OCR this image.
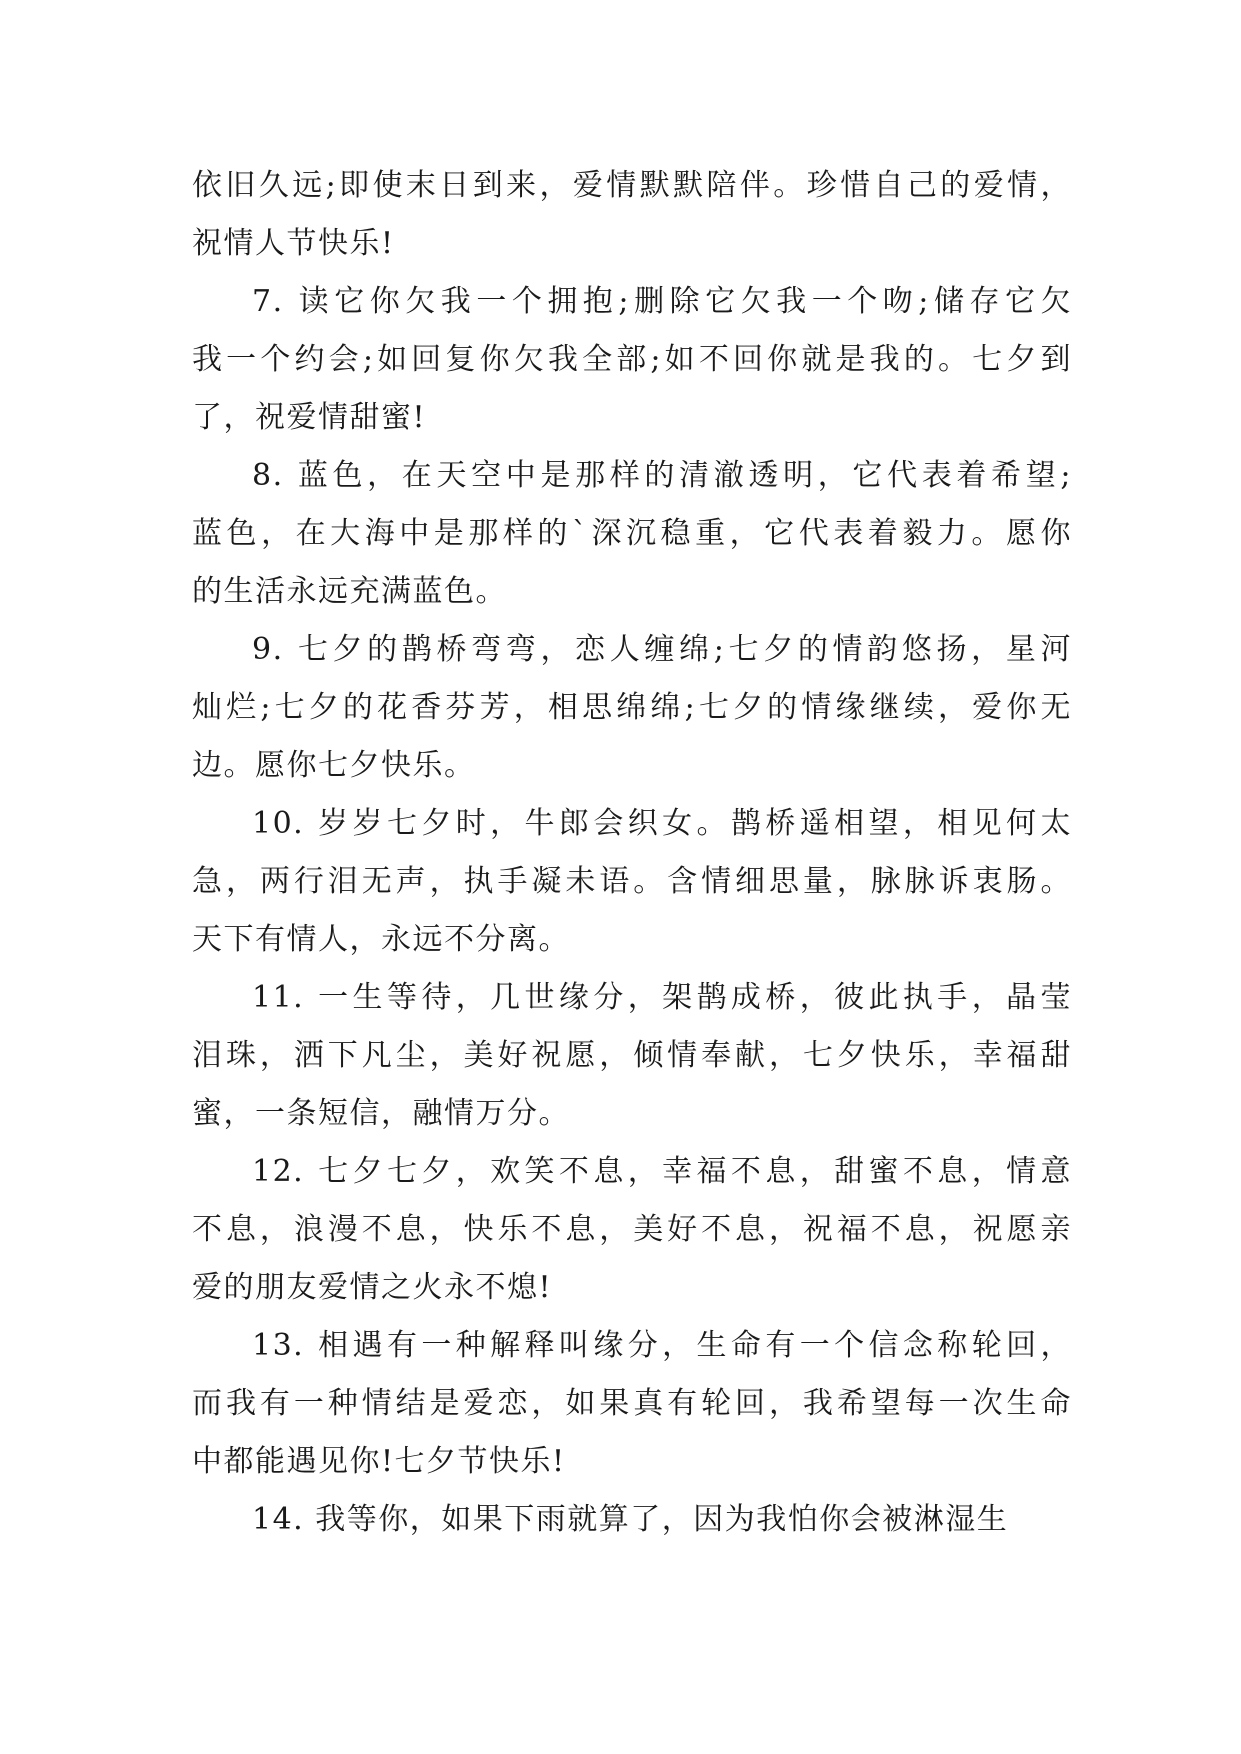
依旧久远;即使末日到来，爱情默默陪伴。珍惜自己的爱情，
祝情人节快乐!
7. 读它你欠我一个拥抱;删除它欠我一个吻;储存它欠
我一个约会;如回复你欠我全部;如不回你就是我的。七夕到
了，祝爱情甜蜜!
8. 蓝色，在天空中是那样的清澈透明，它代表着希望;
蓝色，在大海中是那样的`深沉稳重，它代表着毅力。愿你
的生活永远充满蓝色。
9. 七夕的鹊桥弯弯，恋人缠绵;七夕的情韵悠扬，星河
灿烂;七夕的花香芬芳，相思绵绵;七夕的情缘继续，爱你无
边。愿你七夕快乐。
10. 岁岁七夕时，牛郎会织女。鹊桥遥相望，相见何太
急，两行泪无声，执手凝未语。含情细思量，脉脉诉衷肠。
天下有情人，永远不分离。
11. 一生等待，几世缘分，架鹊成桥，彼此执手，晶莹
泪珠，洒下凡尘，美好祝愿，倾情奉献，七夕快乐，幸福甜
蜜，一条短信，融情万分。
12. 七夕七夕，欢笑不息，幸福不息，甜蜜不息，情意
不息，浪漫不息，快乐不息，美好不息，祝福不息，祝愿亲
爱的朋友爱情之火永不熄!
13. 相遇有一种解释叫缘分，生命有一个信念称轮回，
而我有一种情结是爱恋，如果真有轮回，我希望每一次生命
中都能遇见你!七夕节快乐!
14. 我等你，如果下雨就算了，因为我怕你会被淋湿生
